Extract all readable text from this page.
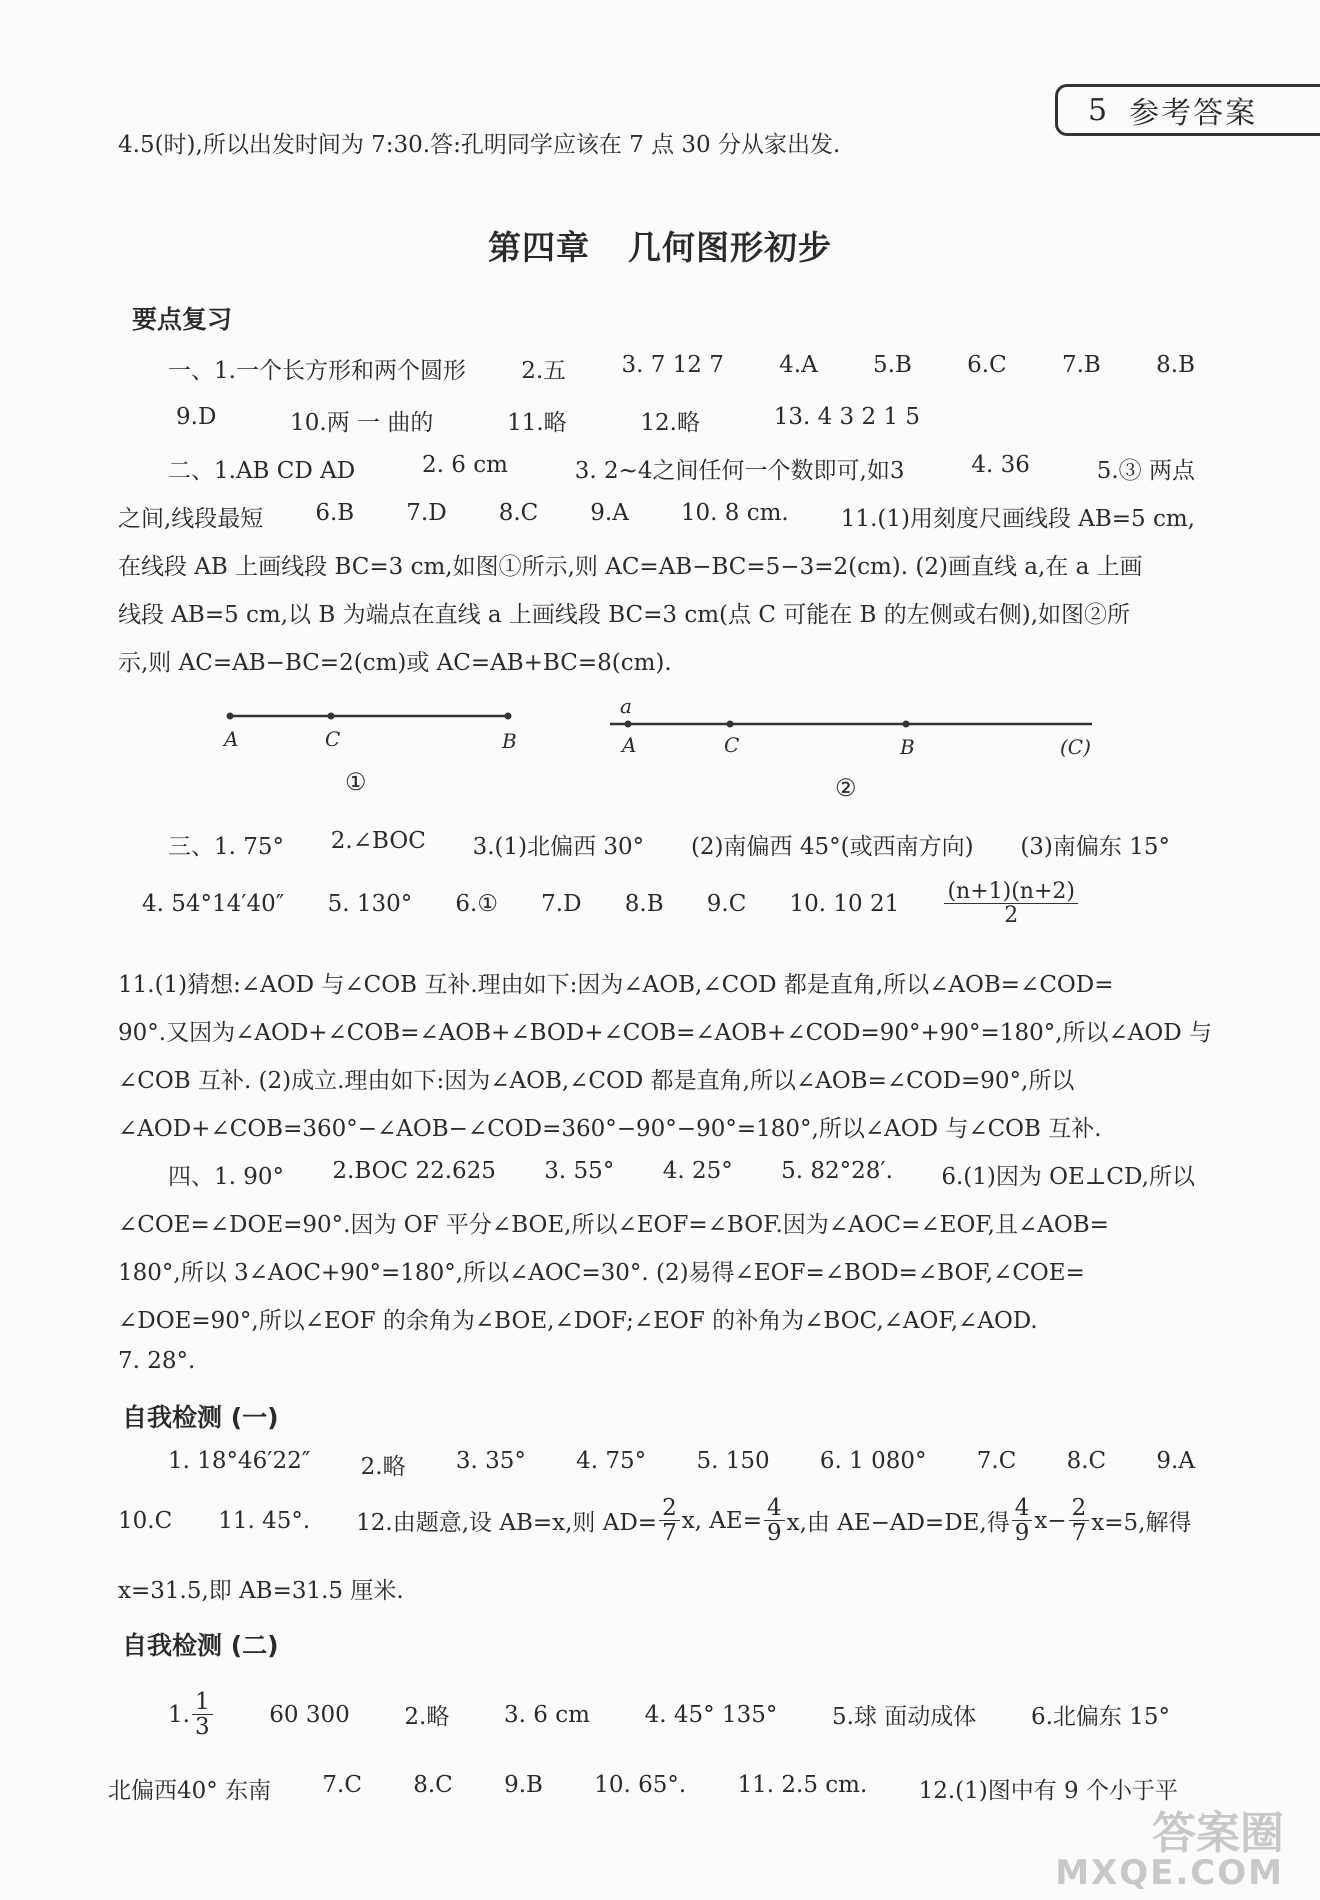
5 参考答案
4.5(时),所以出发时间为 7:30.答:孔明同学应该在 7 点 30 分从家出发.
第四章 几何图形初步
要点复习
一、1.一个长方形和两个圆形 2.五 3. 7 12 7 4.A 5.B 6.C 7.B 8.B
9.D	10.两 一 曲的	11.略	12.略	13. 4 3 2 1 5
二、1.AB CD AD	2. 6 cm	3. 2~4之间任何一个数即可,如3	4. 36	5.③ 两点
之间,线段最短 6.B 7.D 8.C 9.A 10. 8 cm. 11.(1)用刻度尺画线段 AB=5 cm,
在线段 AB 上画线段 BC=3 cm,如图①所示,则 AC=AB−BC=5−3=2(cm). (2)画直线 a,在 a 上画
线段 AB=5 cm,以 B 为端点在直线 a 上画线段 BC=3 cm(点 C 可能在 B 的左侧或右侧),如图②所
示,则 AC=AB−BC=2(cm)或 AC=AB+BC=8(cm).
A	C	B
①
a
A	C	B	(C)
②
三、1. 75° 2.∠BOC 3.(1)北偏西 30° (2)南偏西 45°(或西南方向) (3)南偏东 15°
4. 54°14′40″ 5. 130° 6.① 7.D 8.B 9.C 10. 10 $21 \frac{(n+1)(n+2)}{2}$
11.(1)猜想:∠AOD 与∠COB 互补.理由如下:因为∠AOB,∠COD 都是直角,所以∠AOB=∠COD=
90°.又因为∠AOD+∠COB=∠AOB+∠BOD+∠COB=∠AOB+∠COD=90°+90°=180°,所以∠AOD 与
∠COB 互补. (2)成立.理由如下:因为∠AOB,∠COD 都是直角,所以∠AOB=∠COD=90°,所以
∠AOD+∠COB=360°−∠AOB−∠COD=360°−90°−90°=180°,所以∠AOD 与∠COB 互补.
四、1. 90° 2.BOC 22.625 3. 55° 4. 25° 5. 82°28′. 6.(1)因为 OE⊥CD,所以
∠COE=∠DOE=90°.因为 OF 平分∠BOE,所以∠EOF=∠BOF.因为∠AOC=∠EOF,且∠AOB=
180°,所以 3∠AOC+90°=180°,所以∠AOC=30°. (2)易得∠EOF=∠BOD=∠BOF,∠COE=
∠DOE=90°,所以∠EOF 的余角为∠BOE,∠DOF;∠EOF 的补角为∠BOC,∠AOF,∠AOD.
7. 28°.
自我检测 (一)
1. 18°46′22″ 2.略 3. 35° 4. 75° 5. 150 6. 1 080° 7.C 8.C 9.A
10.C 11. 45°. 12.由题意,设 AB=x,则 $AD= \frac{2}{7} x$, $AE= \frac{4}{9} x$,由 AE−AD=DE,得 $\frac{4}{9} x- \frac{2}{7} x=5$,解得
x=31.5,即 AB=31.5 厘米.
自我检测 (二)
1. $\frac{1}{3} 60$ 300 2.略 3. 6 cm 4. 45° 135° 5.球 面动成体 6.北偏东 15°
北偏西40° 东南 7.C 8.C 9.B 10. 65°. 11. 2.5 cm. 12.(1)图中有 9 个小于平
答案圈
MXQE.COM
